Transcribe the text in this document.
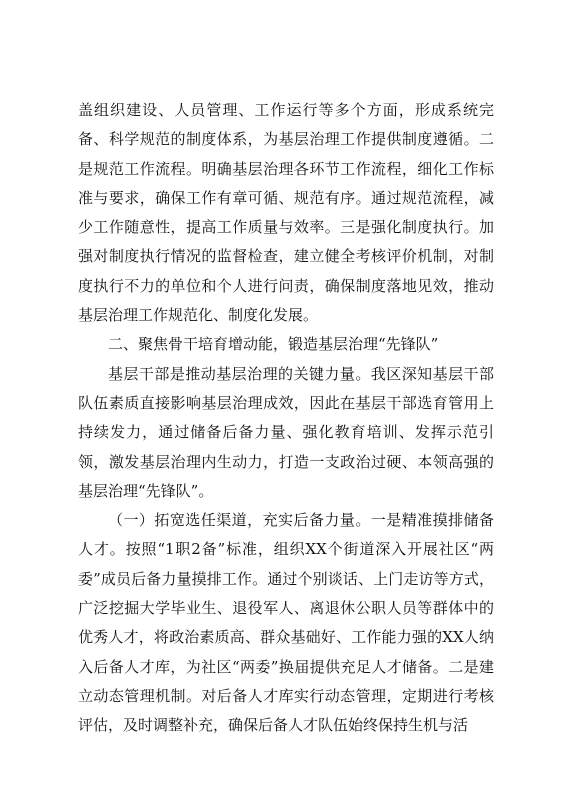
盖组织建设、人员管理、工作运行等多个方面，形成系统完备、科学规范的制度体系，为基层治理工作提供制度遵循。二是规范工作流程。明确基层治理各环节工作流程，细化工作标准与要求，确保工作有章可循、规范有序。通过规范流程，减少工作随意性，提高工作质量与效率。三是强化制度执行。加强对制度执行情况的监督检查，建立健全考核评价机制，对制度执行不力的单位和个人进行问责，确保制度落地见效，推动基层治理工作规范化、制度化发展。

二、聚焦骨干培育增动能，锻造基层治理“先锋队”

基层干部是推动基层治理的关键力量。我区深知基层干部队伍素质直接影响基层治理成效，因此在基层干部选育管用上持续发力，通过储备后备力量、强化教育培训、发挥示范引领，激发基层治理内生动力，打造一支政治过硬、本领高强的基层治理“先锋队”。

（一）拓宽选任渠道，充实后备力量。一是精准摸排储备人才。按照“1职2备”标准，组织XX个街道深入开展社区“两委”成员后备力量摸排工作。通过个别谈话、上门走访等方式，广泛挖掘大学毕业生、退役军人、离退休公职人员等群体中的优秀人才，将政治素质高、群众基础好、工作能力强的XX人纳入后备人才库，为社区“两委”换届提供充足人才储备。二是建立动态管理机制。对后备人才库实行动态管理，定期进行考核评估，及时调整补充，确保后备人才队伍始终保持生机与活
